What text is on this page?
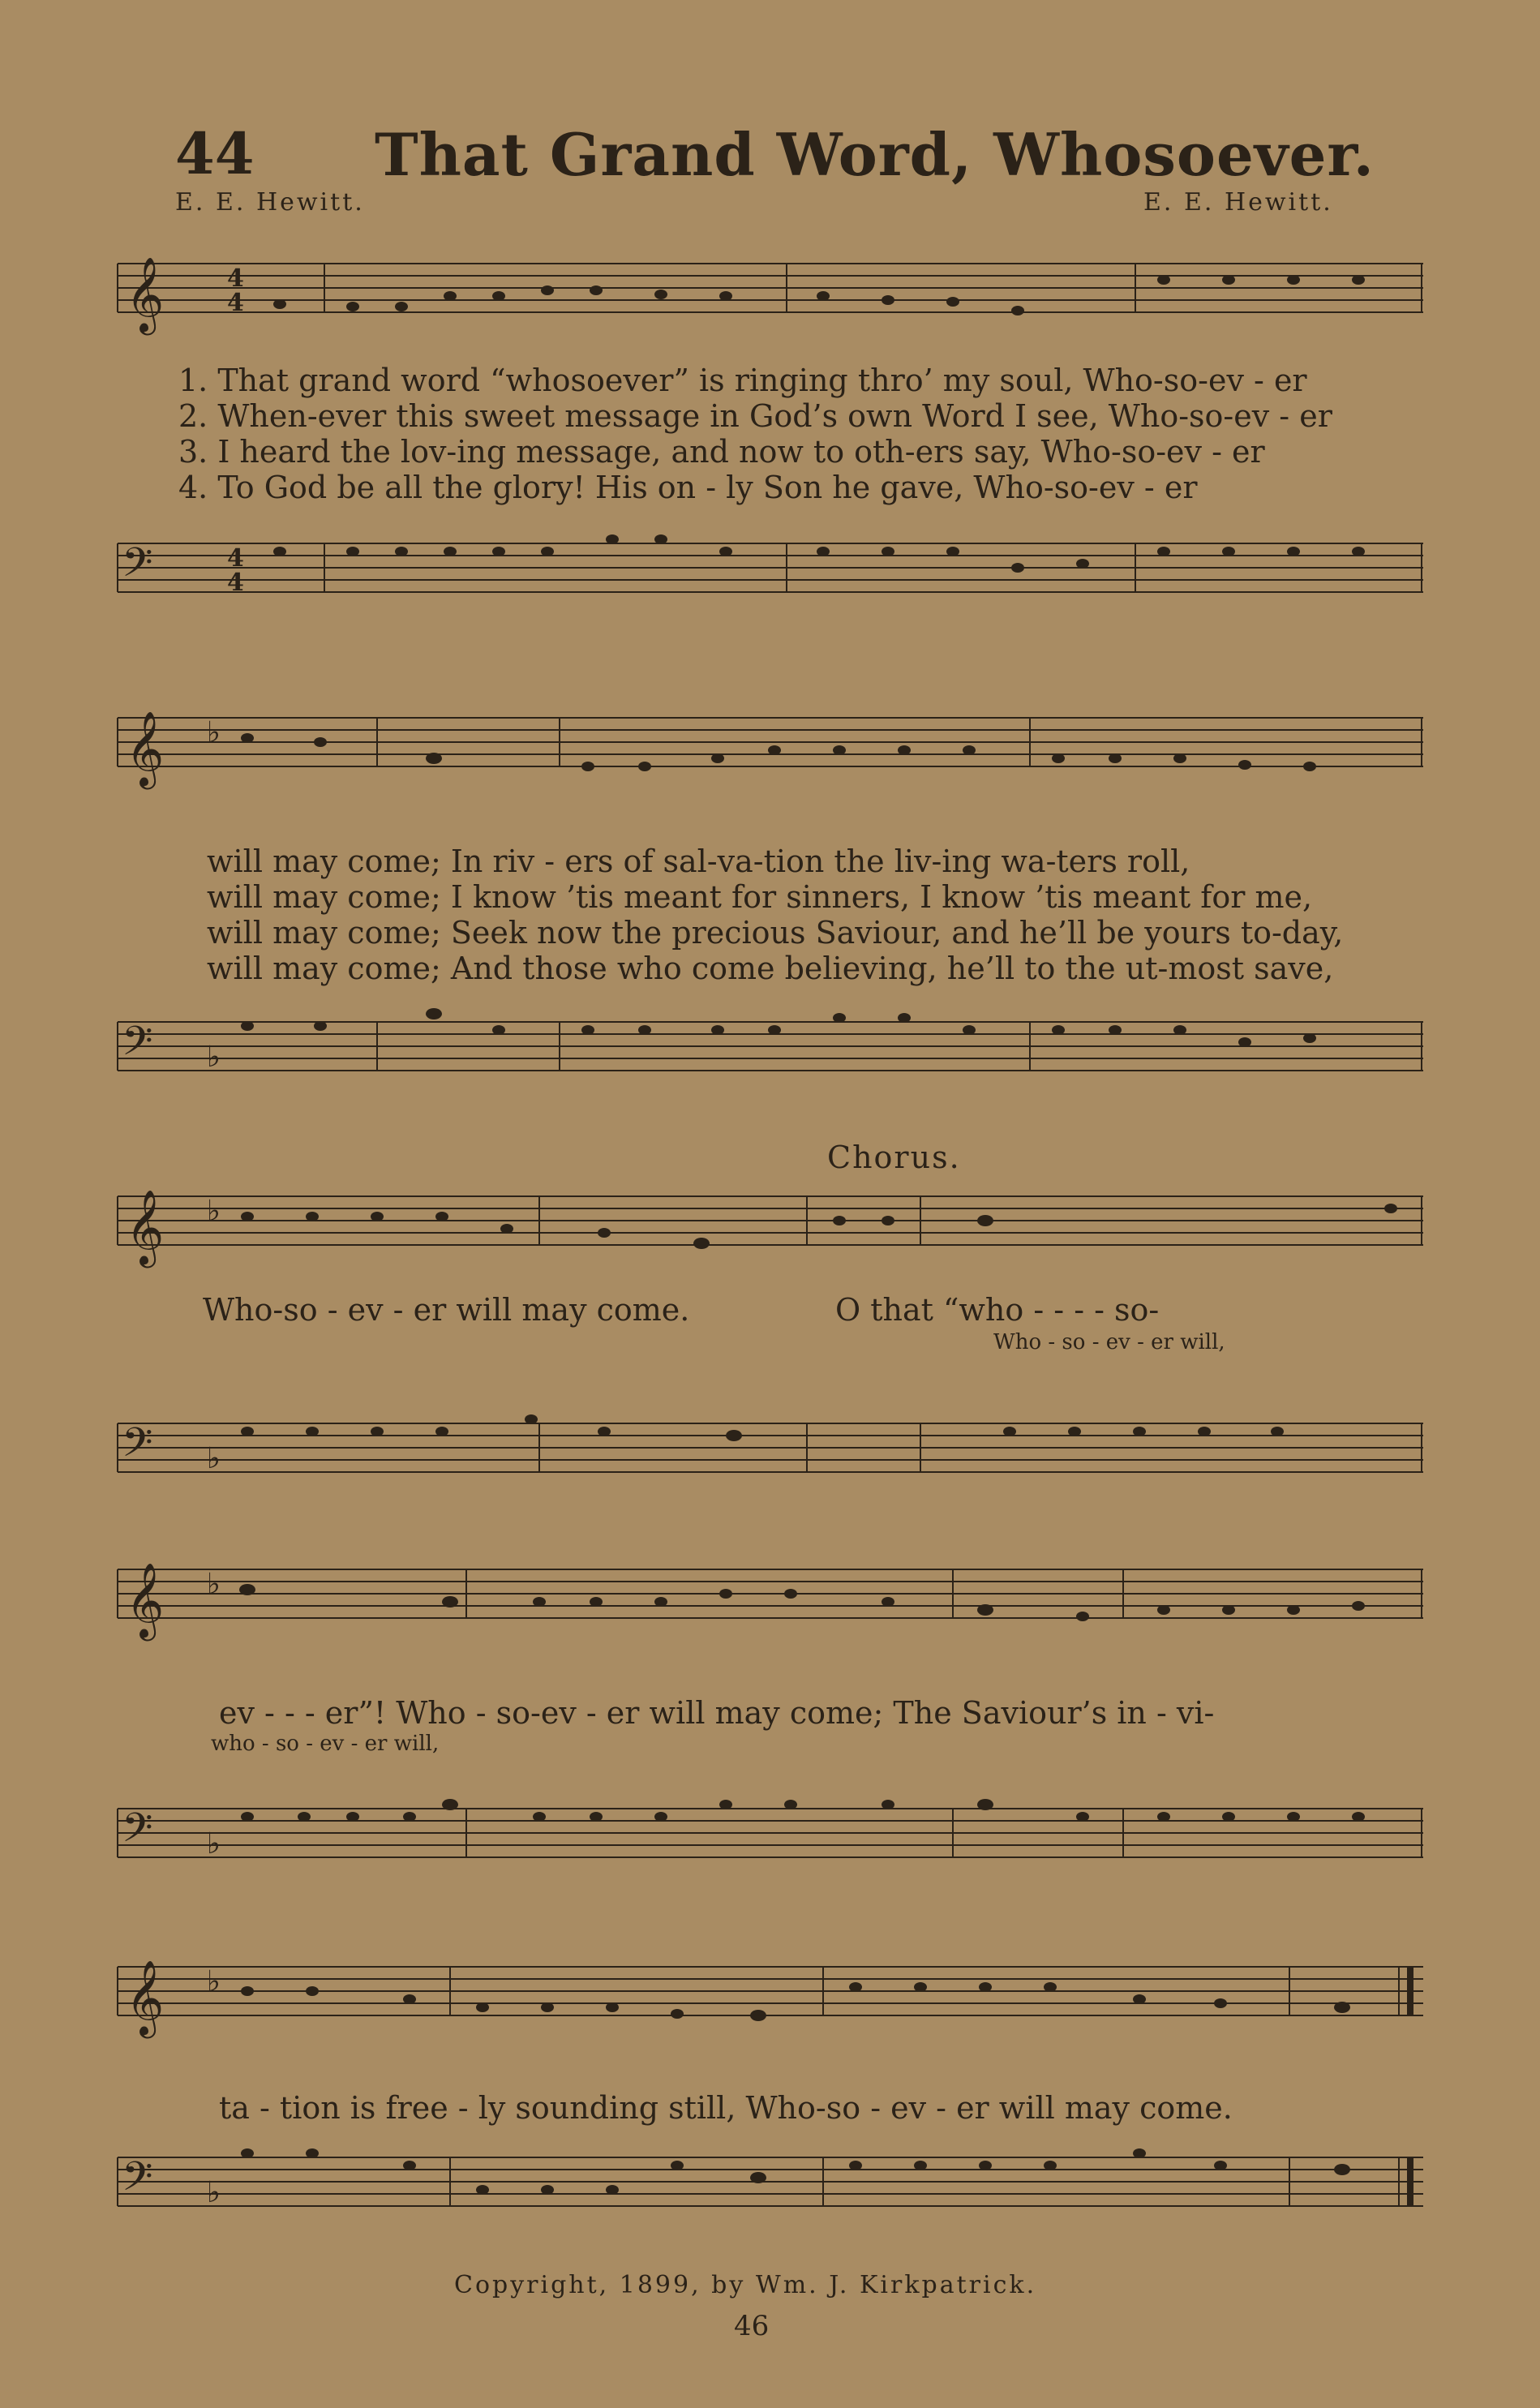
44 That Grand Word, Whosoever.
E. E. Hewitt.	E. E. Hewitt.
𝄞	4
4
1. That grand word “whosoever” is ringing thro’ my soul, Who-so-ev - er
2. When-ever this sweet message in God’s own Word I see, Who-so-ev - er
3. I heard the lov-ing message, and now to oth-ers say, Who-so-ev - er
4. To God be all the glory! His on - ly Son he gave, Who-so-ev - er
𝄢	4
4
𝄞 ♭
will may come; In riv - ers of sal-va-tion the liv-ing wa-ters roll,
will may come; I know ’tis meant for sinners, I know ’tis meant for me,
will may come; Seek now the precious Saviour, and he’ll be yours to-day,
will may come; And those who come believing, he’ll to the ut-most save,
𝄢 ♭
Chorus.
𝄞 ♭
Who-so - ev - er will may come.	O that “who - - - - so-
Who - so - ev - er will,
𝄢 ♭
𝄞 ♭
ev - - - er”! Who - so-ev - er will may come; The Saviour’s in - vi-
who - so - ev - er will,
𝄢 ♭
𝄞 ♭
ta - tion is free - ly sounding still, Who-so - ev - er will may come.
𝄢 ♭
Copyright, 1899, by Wm. J. Kirkpatrick.
46
